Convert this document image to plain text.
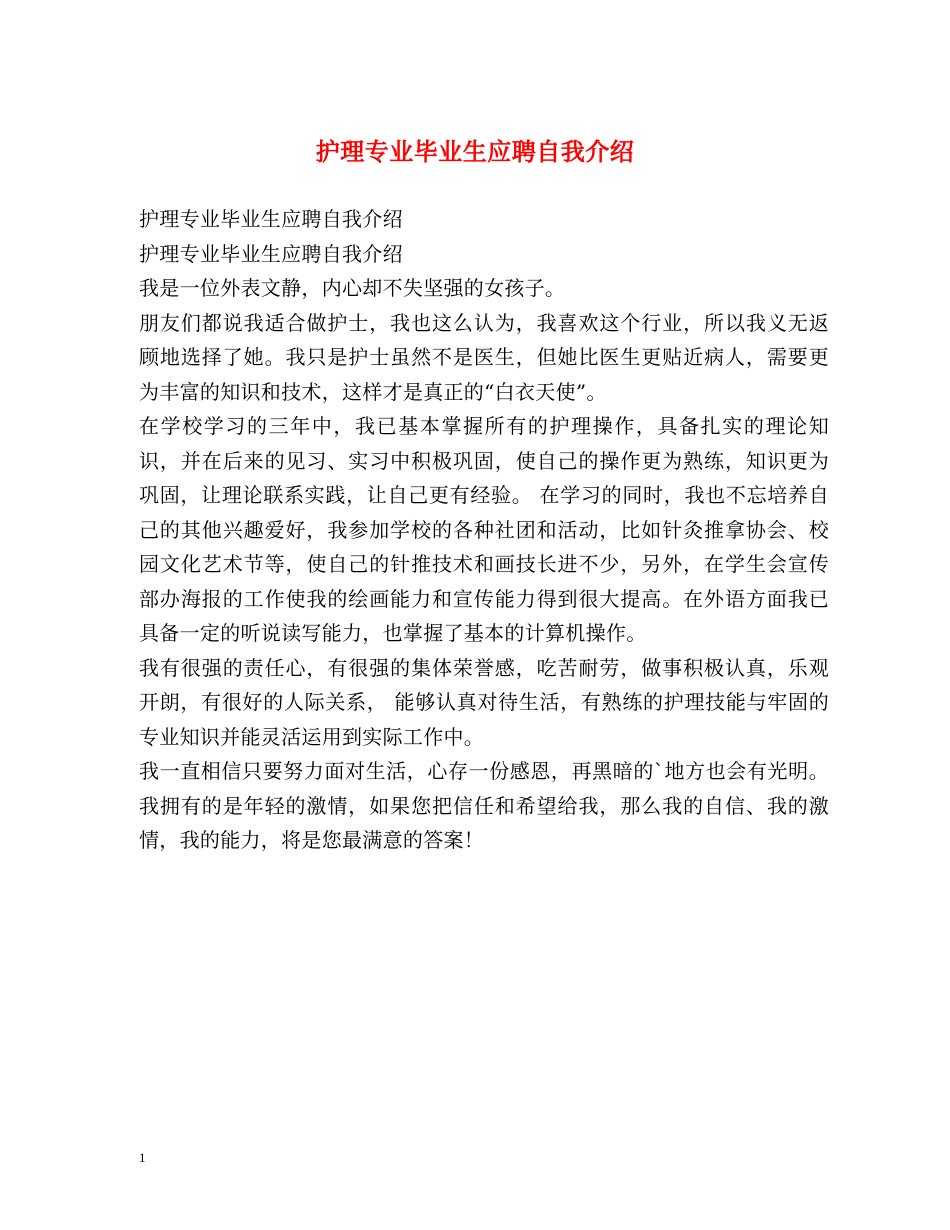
护理专业毕业生应聘自我介绍

护理专业毕业生应聘自我介绍

护理专业毕业生应聘自我介绍

我是一位外表文静，内心却不失坚强的女孩子。

朋友们都说我适合做护士，我也这么认为，我喜欢这个行业，所以我义无返顾地选择了她。我只是护士虽然不是医生，但她比医生更贴近病人，需要更为丰富的知识和技术，这样才是真正的“白衣天使”。

在学校学习的三年中，我已基本掌握所有的护理操作，具备扎实的理论知识，并在后来的见习、实习中积极巩固，使自己的操作更为熟练，知识更为巩固，让理论联系实践，让自己更有经验。 在学习的同时，我也不忘培养自己的其他兴趣爱好，我参加学校的各种社团和活动，比如针灸推拿协会、校园文化艺术节等，使自己的针推技术和画技长进不少，另外，在学生会宣传部办海报的工作使我的绘画能力和宣传能力得到很大提高。在外语方面我已具备一定的听说读写能力，也掌握了基本的计算机操作。

我有很强的责任心，有很强的集体荣誉感，吃苦耐劳，做事积极认真，乐观开朗，有很好的人际关系， 能够认真对待生活，有熟练的护理技能与牢固的专业知识并能灵活运用到实际工作中。

我一直相信只要努力面对生活，心存一份感恩，再黑暗的`地方也会有光明。我拥有的是年轻的激情，如果您把信任和希望给我，那么我的自信、我的激情，我的能力，将是您最满意的答案！

1
